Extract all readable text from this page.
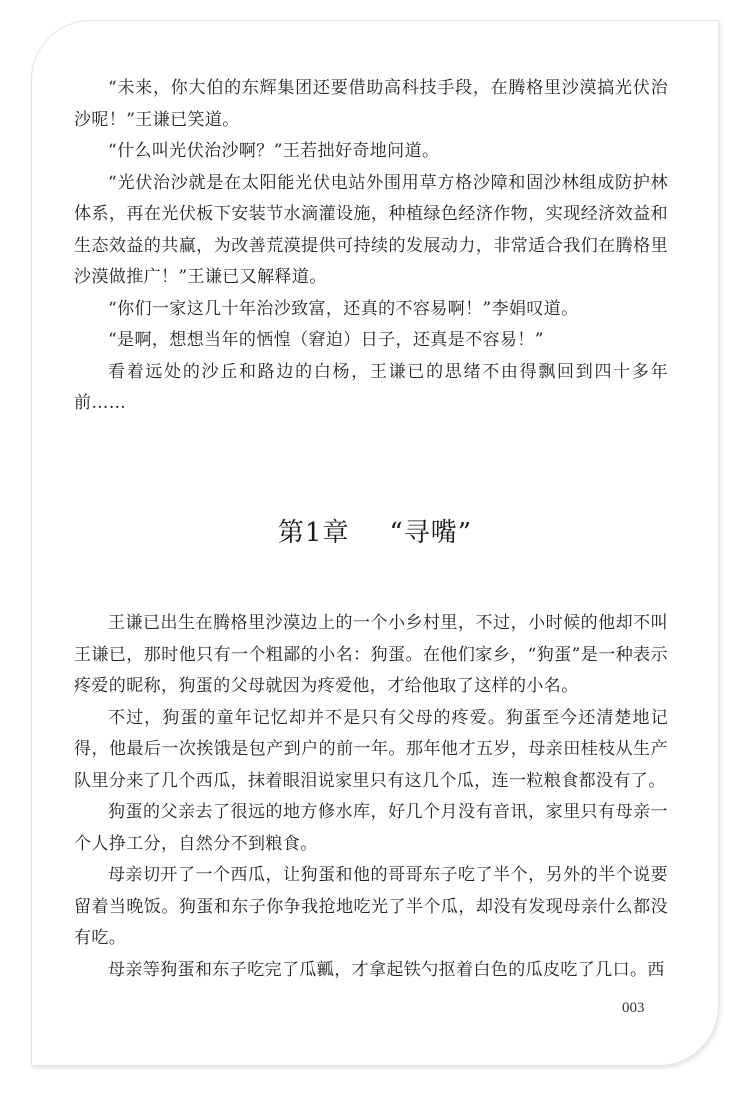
“未来，你大伯的东辉集团还要借助高科技手段，在腾格里沙漠搞光伏治沙呢！”王谦已笑道。

“什么叫光伏治沙啊？”王若拙好奇地问道。

“光伏治沙就是在太阳能光伏电站外围用草方格沙障和固沙林组成防护林体系，再在光伏板下安装节水滴灌设施，种植绿色经济作物，实现经济效益和生态效益的共赢，为改善荒漠提供可持续的发展动力，非常适合我们在腾格里沙漠做推广！”王谦已又解释道。

“你们一家这几十年治沙致富，还真的不容易啊！”李娟叹道。

“是啊，想想当年的恓惶（窘迫）日子，还真是不容易！”

看着远处的沙丘和路边的白杨，王谦已的思绪不由得飘回到四十多年前……

第1章 “寻嘴”

王谦已出生在腾格里沙漠边上的一个小乡村里，不过，小时候的他却不叫王谦已，那时他只有一个粗鄙的小名：狗蛋。在他们家乡，“狗蛋”是一种表示疼爱的昵称，狗蛋的父母就因为疼爱他，才给他取了这样的小名。

不过，狗蛋的童年记忆却并不是只有父母的疼爱。狗蛋至今还清楚地记得，他最后一次挨饿是包产到户的前一年。那年他才五岁，母亲田桂枝从生产队里分来了几个西瓜，抹着眼泪说家里只有这几个瓜，连一粒粮食都没有了。

狗蛋的父亲去了很远的地方修水库，好几个月没有音讯，家里只有母亲一个人挣工分，自然分不到粮食。

母亲切开了一个西瓜，让狗蛋和他的哥哥东子吃了半个，另外的半个说要留着当晚饭。狗蛋和东子你争我抢地吃光了半个瓜，却没有发现母亲什么都没有吃。

母亲等狗蛋和东子吃完了瓜瓤，才拿起铁勺抠着白色的瓜皮吃了几口。西

003
